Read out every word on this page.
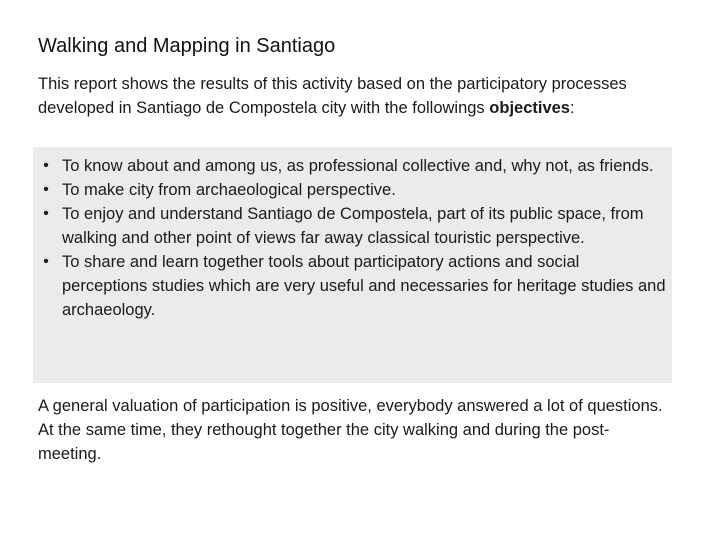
Walking and Mapping in Santiago

This report shows the results of this activity based on the participatory processes developed in Santiago de Compostela city with the followings objectives:

• To know about and among us, as professional collective and, why not, as friends.
• To make city from archaeological perspective.
• To enjoy and understand Santiago de Compostela, part of its public space, from walking and other point of views far away classical touristic perspective.
• To share and learn together tools about participatory actions and social perceptions studies which are very useful and necessaries for heritage studies and archaeology.

A general valuation of participation is positive, everybody answered a lot of questions. At the same time, they rethought together the city walking and during the post-meeting.
